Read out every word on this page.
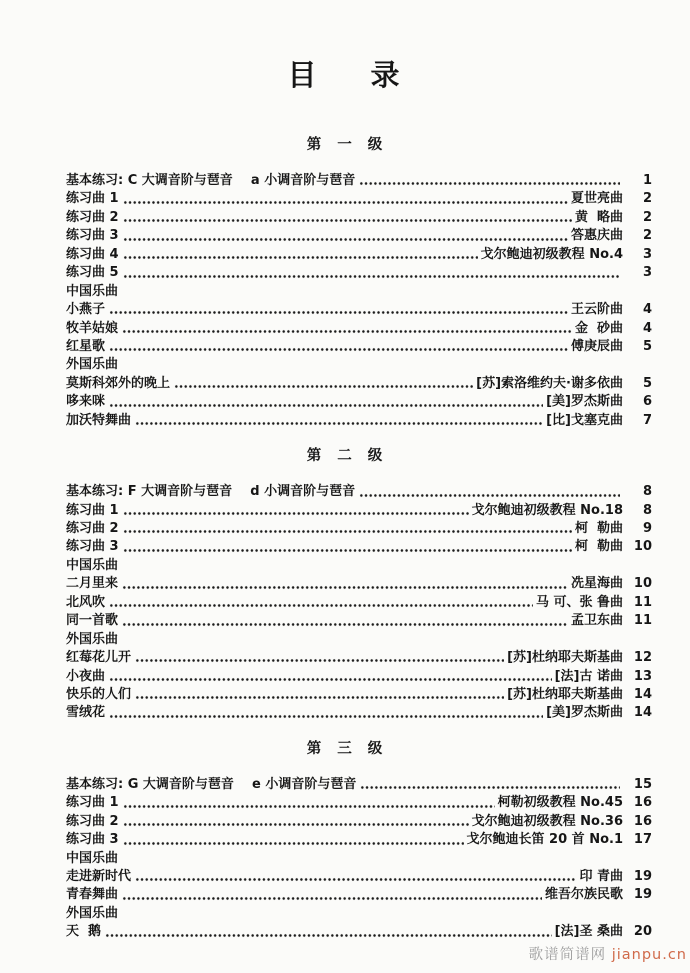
目 录
第 一 级
基本练习: C 大调音阶与琶音    a 小调音阶与琶音	1
练习曲 1	夏世亮曲	2
练习曲 2	黄  略曲	2
练习曲 3	答惠庆曲	2
练习曲 4	戈尔鲍迪初级教程 No.4	3
练习曲 5	3
中国乐曲
小燕子	王云阶曲	4
牧羊姑娘	金  砂曲	4
红星歌	傅庚辰曲	5
外国乐曲
莫斯科郊外的晚上	[苏]索洛维约夫·谢多依曲	5
哆来咪	[美]罗杰斯曲	6
加沃特舞曲	[比]戈塞克曲	7
第 二 级
基本练习: F 大调音阶与琶音    d 小调音阶与琶音	8
练习曲 1	戈尔鲍迪初级教程 No.18	8
练习曲 2	柯  勒曲	9
练习曲 3	柯  勒曲 10
中国乐曲
二月里来	冼星海曲 10
北风吹	马 可、张 鲁曲 11
同一首歌	孟卫东曲 11
外国乐曲
红莓花儿开	[苏]杜纳耶夫斯基曲 12
小夜曲	[法]古 诺曲 13
快乐的人们	[苏]杜纳耶夫斯基曲 14
雪绒花	[美]罗杰斯曲 14
第 三 级
基本练习: G 大调音阶与琶音    e 小调音阶与琶音	15
练习曲 1	柯勒初级教程 No.45 16
练习曲 2	戈尔鲍迪初级教程 No.36 16
练习曲 3	戈尔鲍迪长笛 20 首 No.1 17
中国乐曲
走进新时代	印 青曲 19
青春舞曲	维吾尔族民歌 19
外国乐曲
天  鹅	[法]圣 桑曲 20
歌谱简谱网 jianpu.cn
